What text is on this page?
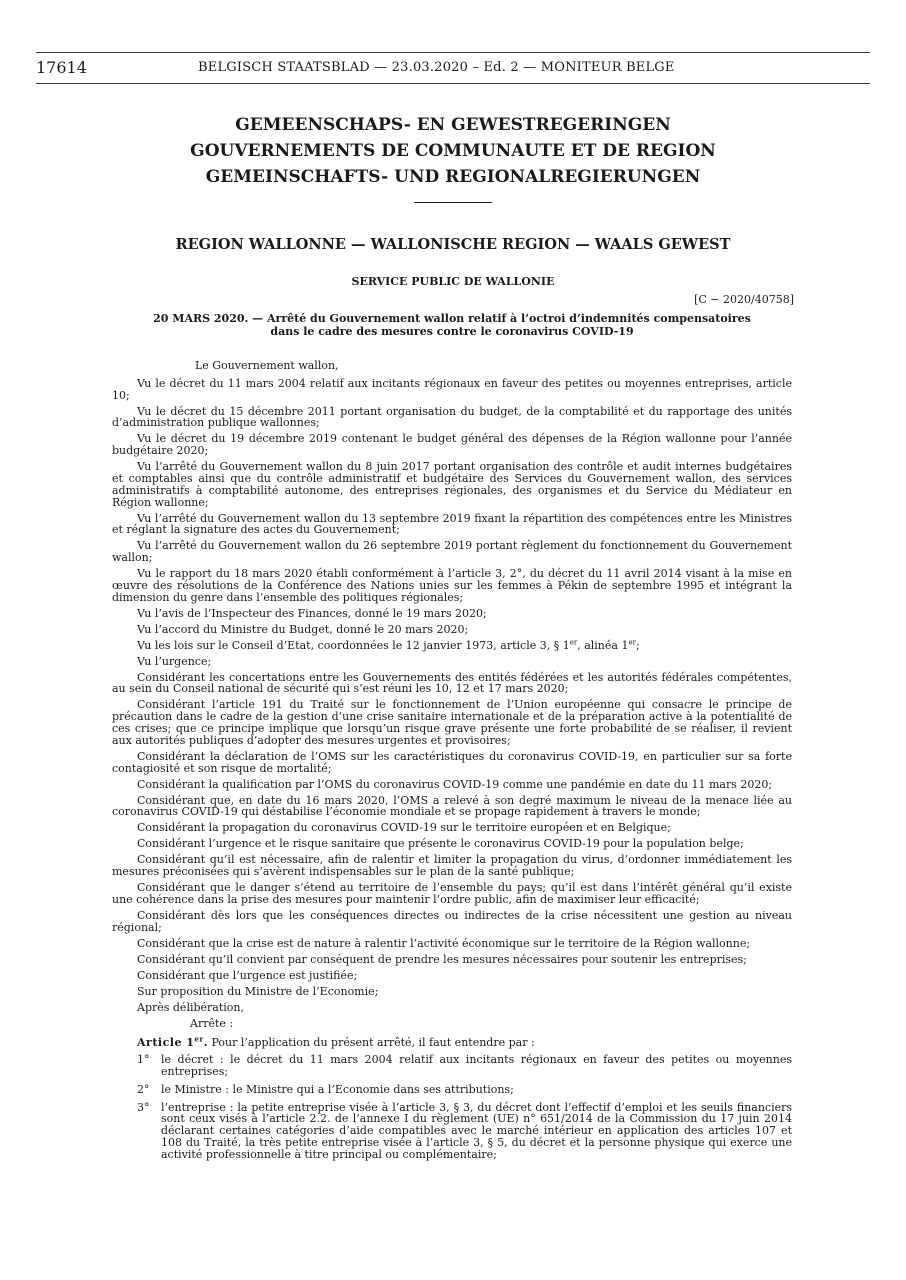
17614	BELGISCH STAATSBLAD — 23.03.2020 – Ed. 2 — MONITEUR BELGE
GEMEENSCHAPS- EN GEWESTREGERINGEN
GOUVERNEMENTS DE COMMUNAUTE ET DE REGION
GEMEINSCHAFTS- UND REGIONALREGIERUNGEN
REGION WALLONNE — WALLONISCHE REGION — WAALS GEWEST
SERVICE PUBLIC DE WALLONIE
[C − 2020/40758]
20 MARS 2020. — Arrêté du Gouvernement wallon relatif à l’octroi d’indemnités compensatoires
dans le cadre des mesures contre le coronavirus COVID-19

Le Gouvernement wallon,

Vu le décret du 11 mars 2004 relatif aux incitants régionaux en faveur des petites ou moyennes entreprises, article 10;

Vu le décret du 15 décembre 2011 portant organisation du budget, de la comptabilité et du rapportage des unités d’administration publique wallonnes;

Vu le décret du 19 décembre 2019 contenant le budget général des dépenses de la Région wallonne pour l’année budgétaire 2020;

Vu l’arrêté du Gouvernement wallon du 8 juin 2017 portant organisation des contrôle et audit internes budgétaires et comptables ainsi que du contrôle administratif et budgétaire des Services du Gouvernement wallon, des services administratifs à comptabilité autonome, des entreprises régionales, des organismes et du Service du Médiateur en Région wallonne;

Vu l’arrêté du Gouvernement wallon du 13 septembre 2019 fixant la répartition des compétences entre les Ministres et réglant la signature des actes du Gouvernement;

Vu l’arrêté du Gouvernement wallon du 26 septembre 2019 portant règlement du fonctionnement du Gouvernement wallon;

Vu le rapport du 18 mars 2020 établi conformément à l’article 3, 2°, du décret du 11 avril 2014 visant à la mise en œuvre des résolutions de la Conférence des Nations unies sur les femmes à Pékin de septembre 1995 et intégrant la dimension du genre dans l’ensemble des politiques régionales;

Vu l’avis de l’Inspecteur des Finances, donné le 19 mars 2020;

Vu l’accord du Ministre du Budget, donné le 20 mars 2020;

Vu les lois sur le Conseil d’Etat, coordonnées le 12 janvier 1973, article 3, § 1er, alinéa 1er;

Vu l’urgence;

Considérant les concertations entre les Gouvernements des entités fédérées et les autorités fédérales compétentes, au sein du Conseil national de sécurité qui s’est réuni les 10, 12 et 17 mars 2020;

Considérant l’article 191 du Traité sur le fonctionnement de l’Union européenne qui consacre le principe de précaution dans le cadre de la gestion d’une crise sanitaire internationale et de la préparation active à la potentialité de ces crises; que ce principe implique que lorsqu’un risque grave présente une forte probabilité de se réaliser, il revient aux autorités publiques d’adopter des mesures urgentes et provisoires;

Considérant la déclaration de l’OMS sur les caractéristiques du coronavirus COVID-19, en particulier sur sa forte contagiosité et son risque de mortalité;

Considérant la qualification par l’OMS du coronavirus COVID-19 comme une pandémie en date du 11 mars 2020;

Considérant que, en date du 16 mars 2020, l’OMS a relevé à son degré maximum le niveau de la menace liée au coronavirus COVID-19 qui déstabilise l’économie mondiale et se propage rapidement à travers le monde;

Considérant la propagation du coronavirus COVID-19 sur le territoire européen et en Belgique;

Considérant l’urgence et le risque sanitaire que présente le coronavirus COVID-19 pour la population belge;

Considérant qu’il est nécessaire, afin de ralentir et limiter la propagation du virus, d’ordonner immédiatement les mesures préconisées qui s’avèrent indispensables sur le plan de la santé publique;

Considérant que le danger s’étend au territoire de l’ensemble du pays; qu’il est dans l’intérêt général qu’il existe une cohérence dans la prise des mesures pour maintenir l’ordre public, afin de maximiser leur efficacité;

Considérant dès lors que les conséquences directes ou indirectes de la crise nécessitent une gestion au niveau régional;

Considérant que la crise est de nature à ralentir l’activité économique sur le territoire de la Région wallonne;

Considérant qu’il convient par conséquent de prendre les mesures nécessaires pour soutenir les entreprises;

Considérant que l’urgence est justifiée;

Sur proposition du Ministre de l’Economie;

Après délibération,

Arrête :

Article 1er. Pour l’application du présent arrêté, il faut entendre par :

1° le décret : le décret du 11 mars 2004 relatif aux incitants régionaux en faveur des petites ou moyennes entreprises;
2° le Ministre : le Ministre qui a l’Economie dans ses attributions;
3° l’entreprise : la petite entreprise visée à l’article 3, § 3, du décret dont l’effectif d’emploi et les seuils financiers sont ceux visés à l’article 2.2. de l’annexe I du règlement (UE) n° 651/2014 de la Commission du 17 juin 2014 déclarant certaines catégories d’aide compatibles avec le marché intérieur en application des articles 107 et 108 du Traité, la très petite entreprise visée à l’article 3, § 5, du décret et la personne physique qui exerce une activité professionnelle à titre principal ou complémentaire;
